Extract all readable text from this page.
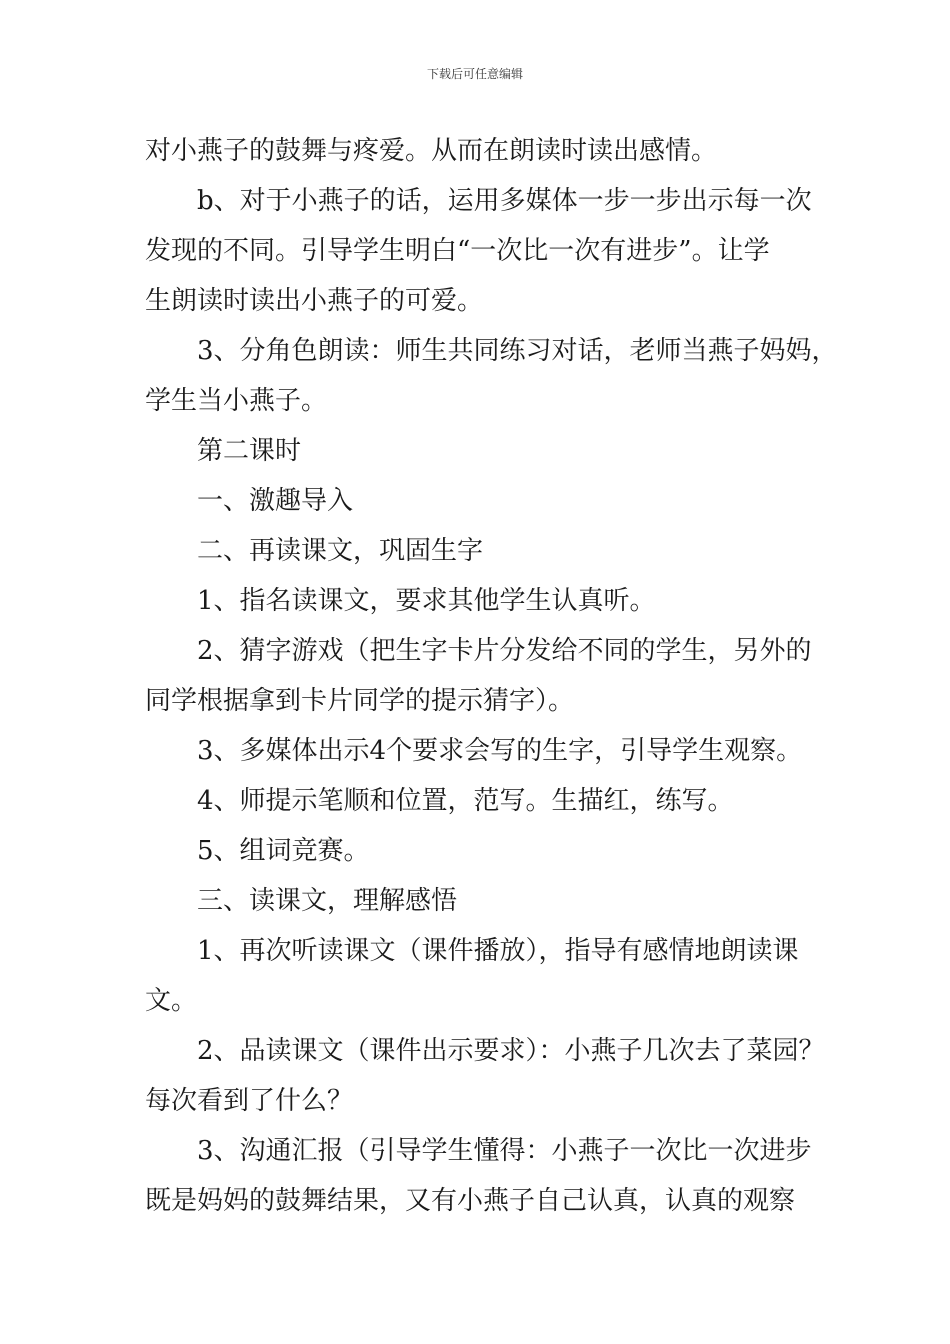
下载后可任意编辑
对小燕子的鼓舞与疼爱。从而在朗读时读出感情。
b、对于小燕子的话，运用多媒体一步一步出示每一次
发现的不同。引导学生明白“一次比一次有进步”。让学
生朗读时读出小燕子的可爱。
3、分角色朗读：师生共同练习对话，老师当燕子妈妈，
学生当小燕子。
第二课时
一、激趣导入
二、再读课文，巩固生字
1、指名读课文，要求其他学生认真听。
2、猜字游戏（把生字卡片分发给不同的学生，另外的
同学根据拿到卡片同学的提示猜字）。
3、多媒体出示4个要求会写的生字，引导学生观察。
4、师提示笔顺和位置，范写。生描红，练写。
5、组词竞赛。
三、读课文，理解感悟
1、再次听读课文（课件播放），指导有感情地朗读课
文。
2、品读课文（课件出示要求）：小燕子几次去了菜园？
每次看到了什么？
3、沟通汇报（引导学生懂得：小燕子一次比一次进步
既是妈妈的鼓舞结果，又有小燕子自己认真，认真的观察
